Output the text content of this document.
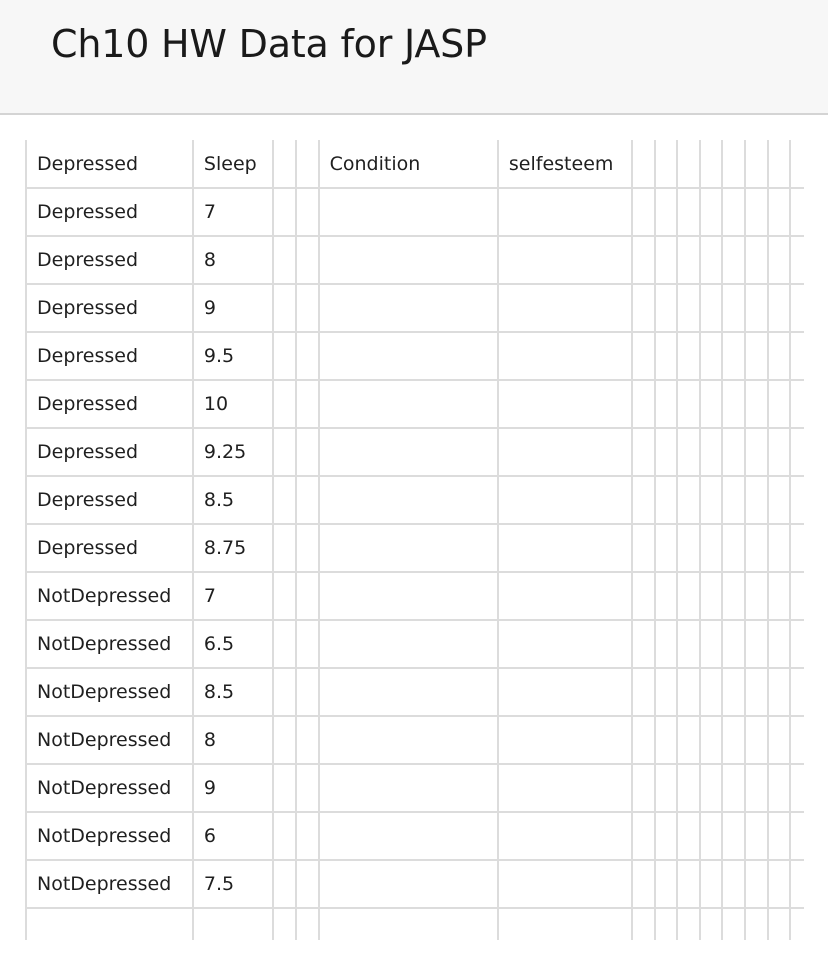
Ch10 HW Data for JASP
Depressed	Sleep			Condition	selfesteem								
Depressed	7												
Depressed	8												
Depressed	9												
Depressed	9.5												
Depressed	10												
Depressed	9.25												
Depressed	8.5												
Depressed	8.75												
NotDepressed	7												
NotDepressed	6.5												
NotDepressed	8.5												
NotDepressed	8												
NotDepressed	9												
NotDepressed	6												
NotDepressed	7.5												
